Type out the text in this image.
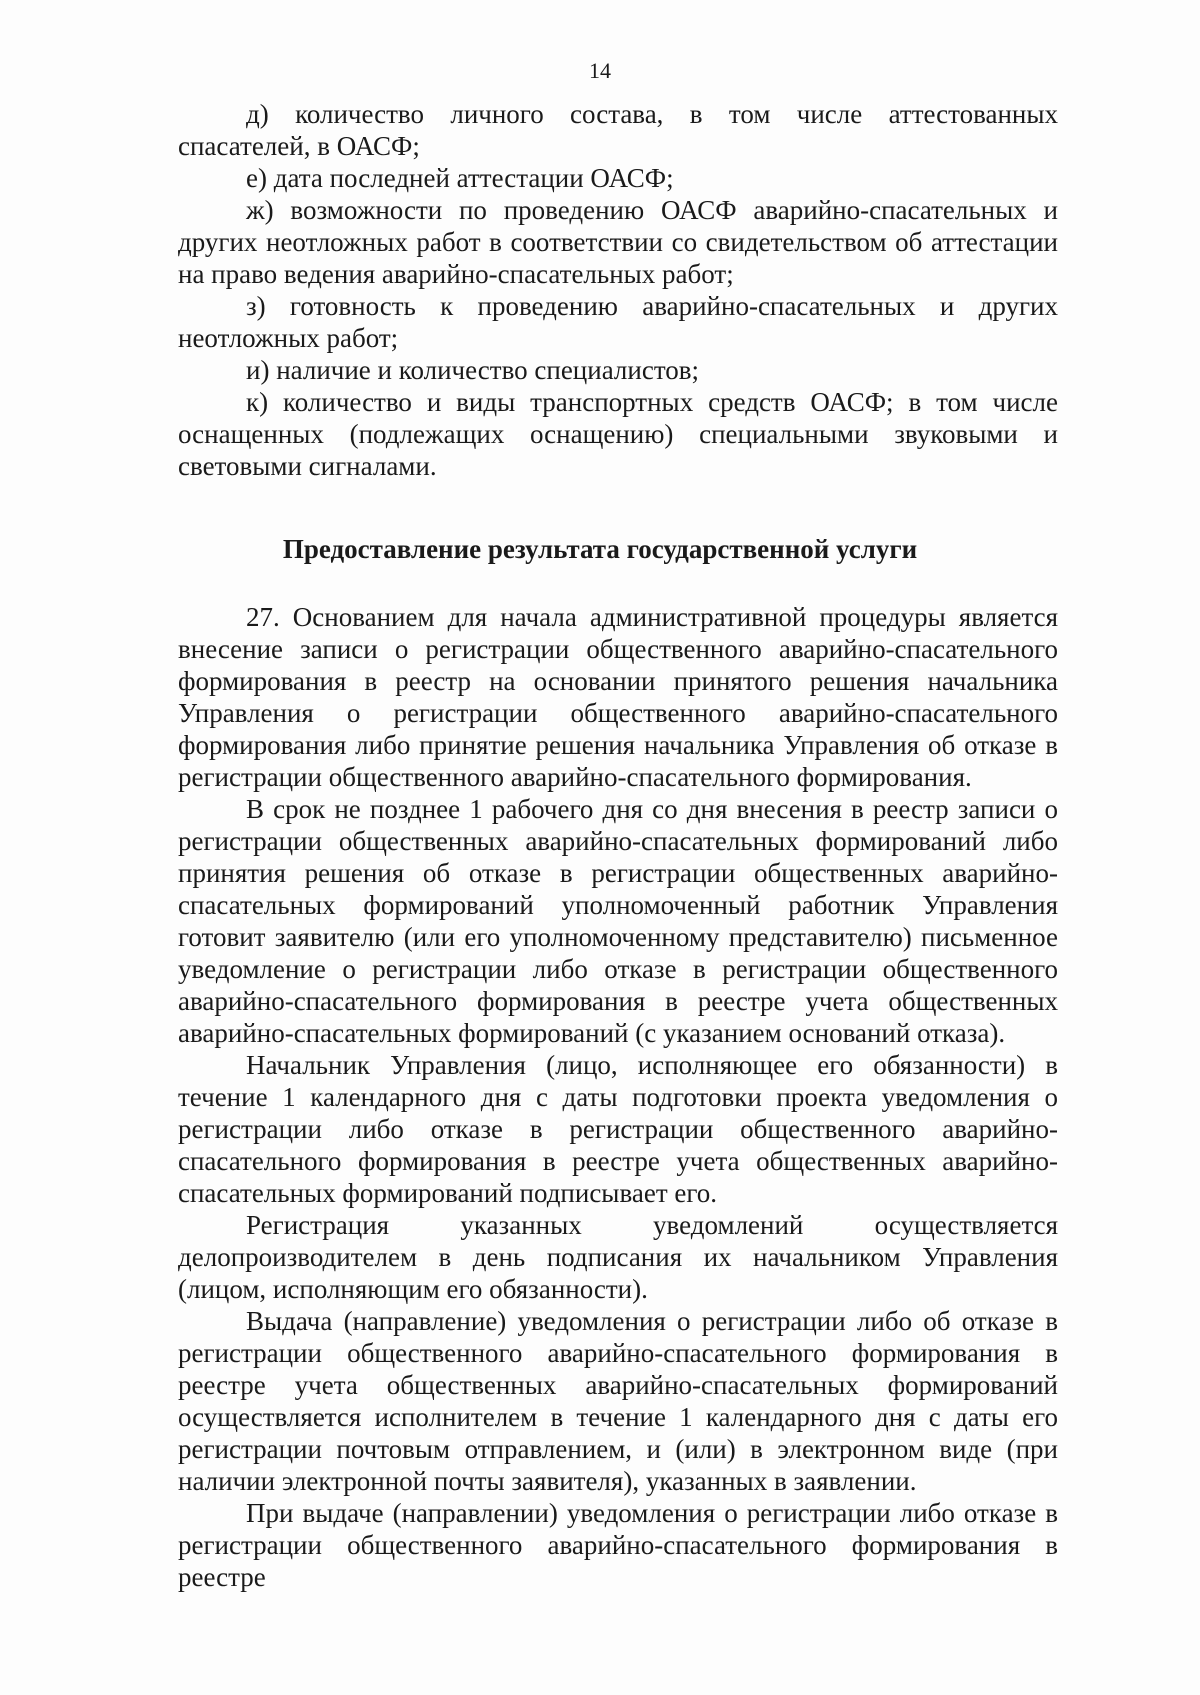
14

д) количество личного состава, в том числе аттестованных спасателей, в ОАСФ;

е) дата последней аттестации ОАСФ;

ж) возможности по проведению ОАСФ аварийно-спасательных и других неотложных работ в соответствии со свидетельством об аттестации на право ведения аварийно-спасательных работ;

з) готовность к проведению аварийно-спасательных и других неотложных работ;

и) наличие и количество специалистов;

к) количество и виды транспортных средств ОАСФ; в том числе оснащенных (подлежащих оснащению) специальными звуковыми и световыми сигналами.

Предоставление результата государственной услуги

27. Основанием для начала административной процедуры является внесение записи о регистрации общественного аварийно-спасательного формирования в реестр на основании принятого решения начальника Управления о регистрации общественного аварийно-спасательного формирования либо принятие решения начальника Управления об отказе в регистрации общественного аварийно-спасательного формирования.

В срок не позднее 1 рабочего дня со дня внесения в реестр записи о регистрации общественных аварийно-спасательных формирований либо принятия решения об отказе в регистрации общественных аварийно-спасательных формирований уполномоченный работник Управления готовит заявителю (или его уполномоченному представителю) письменное уведомление о регистрации либо отказе в регистрации общественного аварийно-спасательного формирования в реестре учета общественных аварийно-спасательных формирований (с указанием оснований отказа).

Начальник Управления (лицо, исполняющее его обязанности) в течение 1 календарного дня с даты подготовки проекта уведомления о регистрации либо отказе в регистрации общественного аварийно-спасательного формирования в реестре учета общественных аварийно-спасательных формирований подписывает его.

Регистрация указанных уведомлений осуществляется делопроизводителем в день подписания их начальником Управления (лицом, исполняющим его обязанности).

Выдача (направление) уведомления о регистрации либо об отказе в регистрации общественного аварийно-спасательного формирования в реестре учета общественных аварийно-спасательных формирований осуществляется исполнителем в течение 1 календарного дня с даты его регистрации почтовым отправлением, и (или) в электронном виде (при наличии электронной почты заявителя), указанных в заявлении.

При выдаче (направлении) уведомления о регистрации либо отказе в регистрации общественного аварийно-спасательного формирования в реестре
